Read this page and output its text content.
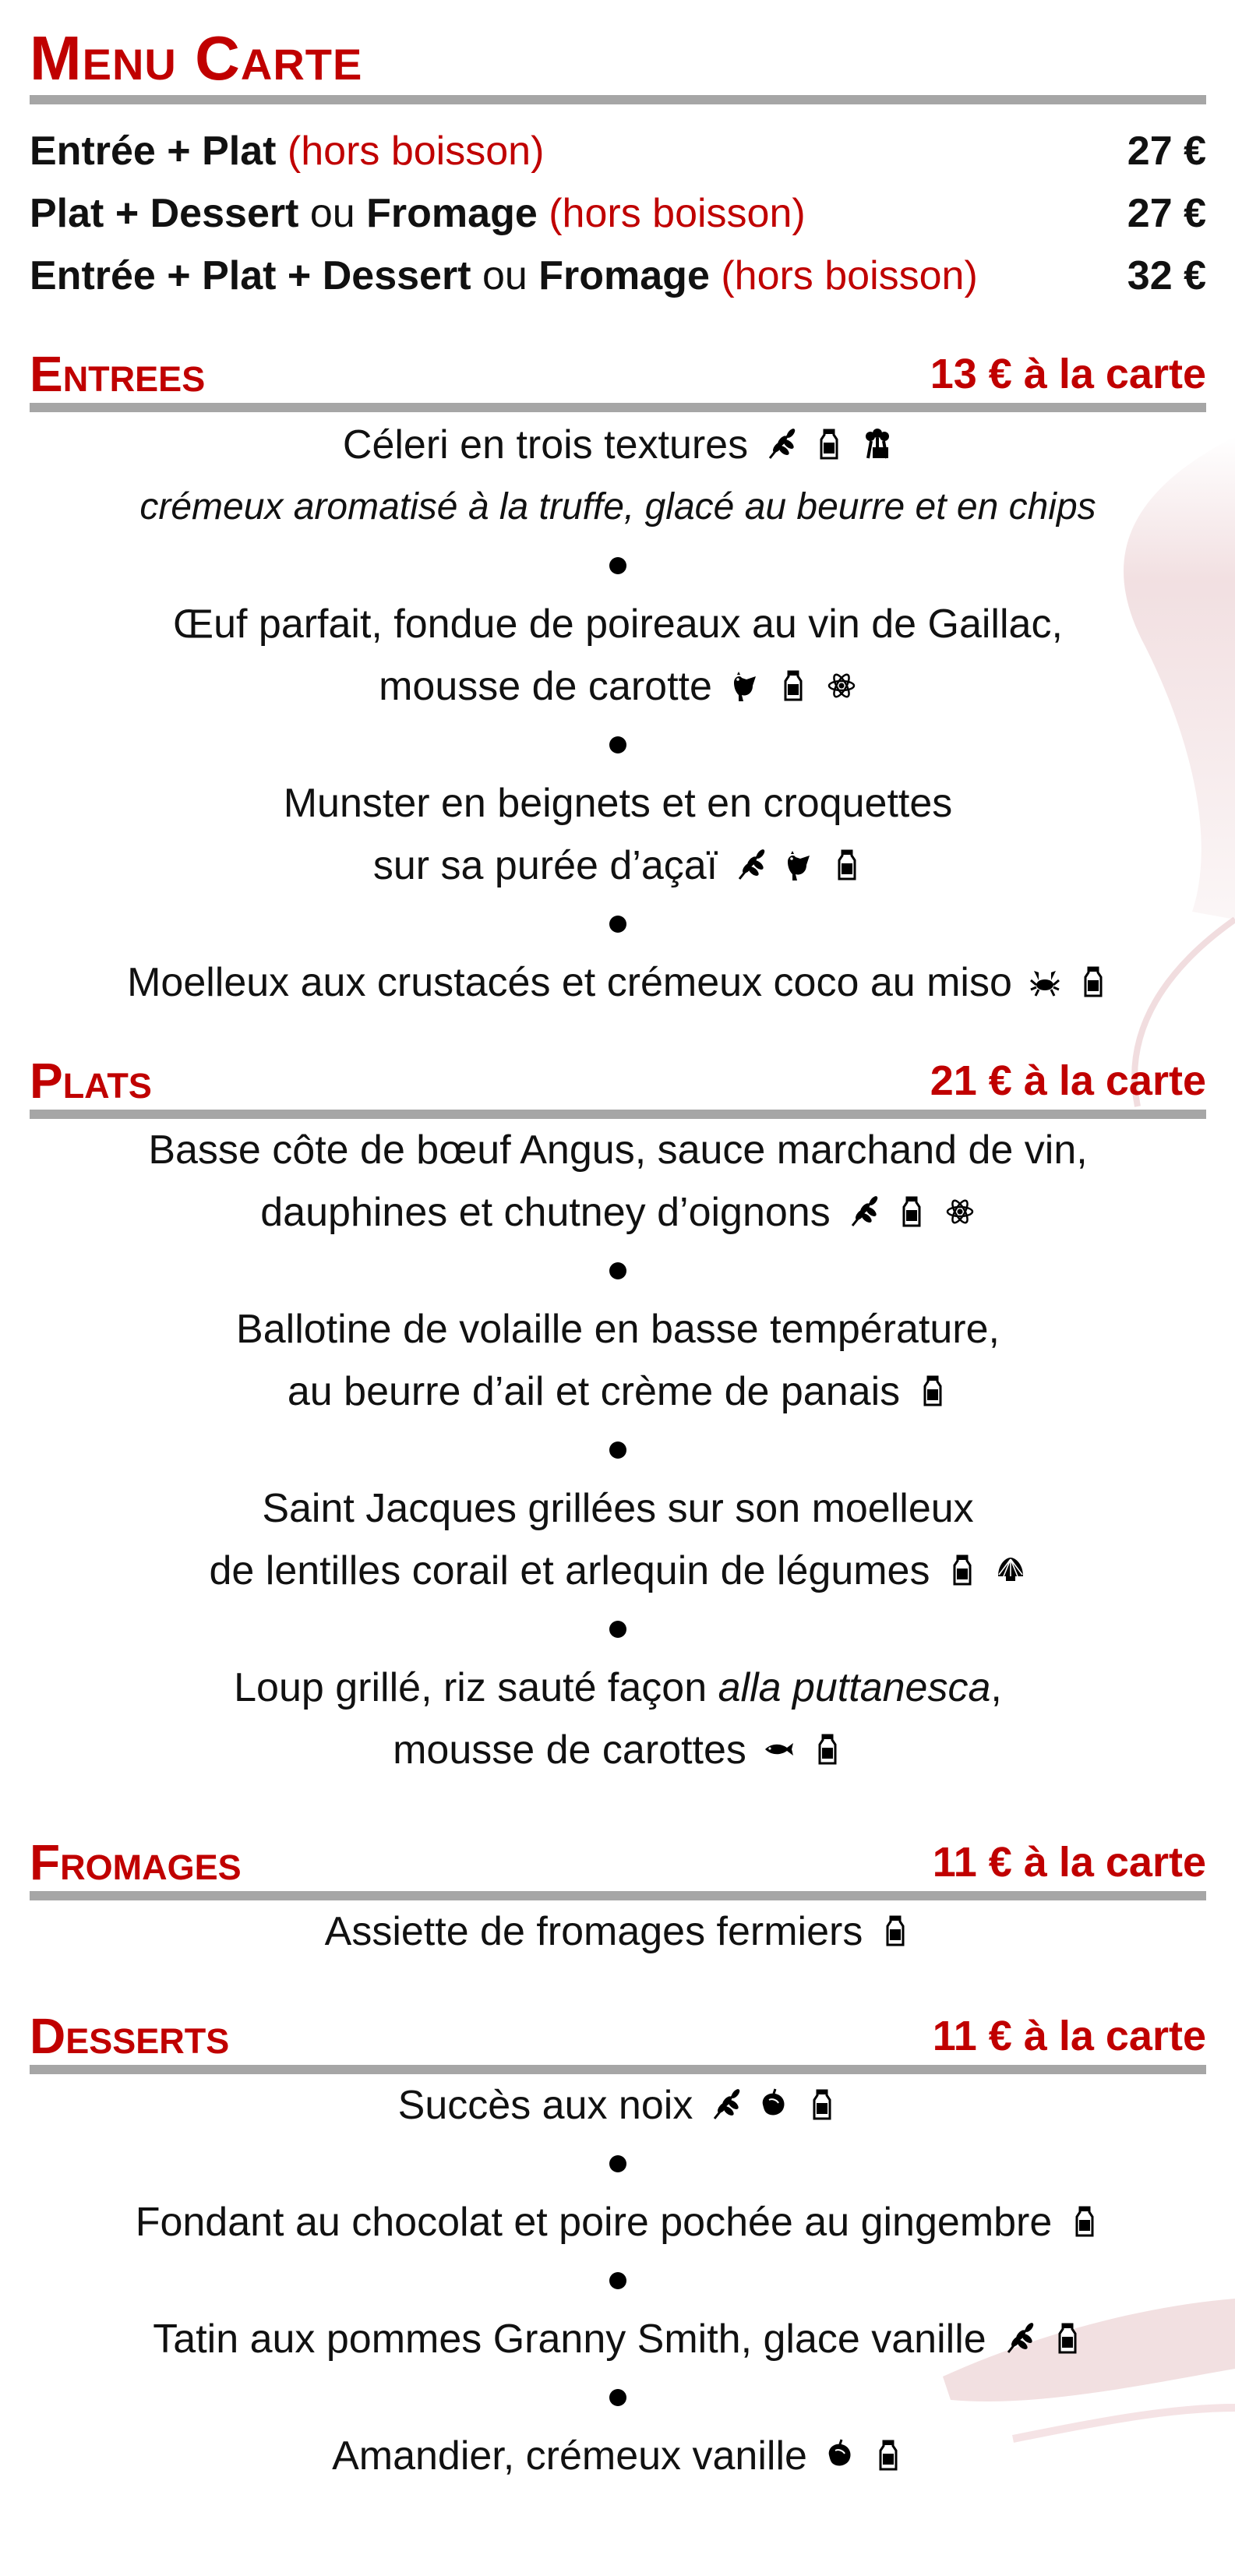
Menu Carte
Entrée + Plat (hors boisson)	27 €
Plat + Dessert ou Fromage (hors boisson)	27 €
Entrée + Plat + Dessert ou Fromage (hors boisson)	32 €
Entrees	13 € à la carte
Céleri en trois textures
crémeux aromatisé à la truffe, glacé au beurre et en chips
Œuf parfait, fondue de poireaux au vin de Gaillac,
mousse de carotte
Munster en beignets et en croquettes
sur sa purée d’açaï
Moelleux aux crustacés et crémeux coco au miso
Plats	21 € à la carte
Basse côte de bœuf Angus, sauce marchand de vin,
dauphines et chutney d’oignons
Ballotine de volaille en basse température,
au beurre d’ail et crème de panais
Saint Jacques grillées sur son moelleux
de lentilles corail et arlequin de légumes
Loup grillé, riz sauté façon alla puttanesca,
mousse de carottes
Fromages	11 € à la carte
Assiette de fromages fermiers
Desserts	11 € à la carte
Succès aux noix
Fondant au chocolat et poire pochée au gingembre
Tatin aux pommes Granny Smith, glace vanille
Amandier, crémeux vanille
